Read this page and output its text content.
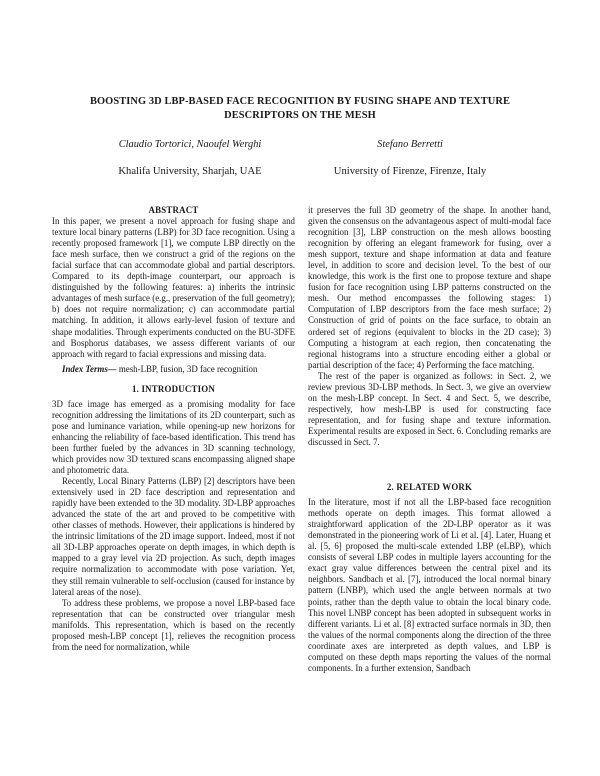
BOOSTING 3D LBP-BASED FACE RECOGNITION BY FUSING SHAPE AND TEXTURE DESCRIPTORS ON THE MESH
Claudio Tortorici, Naoufel Werghi
Khalifa University, Sharjah, UAE
Stefano Berretti
University of Firenze, Firenze, Italy
ABSTRACT

In this paper, we present a novel approach for fusing shape and texture local binary patterns (LBP) for 3D face recognition. Using a recently proposed framework [1], we compute LBP directly on the face mesh surface, then we construct a grid of the regions on the facial surface that can accommodate global and partial descriptors. Compared to its depth-image counterpart, our approach is distinguished by the following features: a) inherits the intrinsic advantages of mesh surface (e.g., preservation of the full geometry); b) does not require normalization; c) can accommodate partial matching. In addition, it allows early-level fusion of texture and shape modalities. Through experiments conducted on the BU-3DFE and Bosphorus databases, we assess different variants of our approach with regard to facial expressions and missing data.

Index Terms— mesh-LBP, fusion, 3D face recognition

1. INTRODUCTION

3D face image has emerged as a promising modality for face recognition addressing the limitations of its 2D counterpart, such as pose and luminance variation, while opening-up new horizons for enhancing the reliability of face-based identification. This trend has been further fueled by the advances in 3D scanning technology, which provides now 3D textured scans encompassing aligned shape and photometric data.

Recently, Local Binary Patterns (LBP) [2] descriptors have been extensively used in 2D face description and representation and rapidly have been extended to the 3D modality. 3D-LBP approaches advanced the state of the art and proved to be competitive with other classes of methods. However, their applications is hindered by the intrinsic limitations of the 2D image support. Indeed, most if not all 3D-LBP approaches operate on depth images, in which depth is mapped to a gray level via 2D projection. As such, depth images require normalization to accommodate with pose variation. Yet, they still remain vulnerable to self-occlusion (caused for instance by lateral areas of the nose).

To address these problems, we propose a novel LBP-based face representation that can be constructed over triangular mesh manifolds. This representation, which is based on the recently proposed mesh-LBP concept [1], relieves the recognition process from the need for normalization, while

it preserves the full 3D geometry of the shape. In another hand, given the consensus on the advantageous aspect of multi-modal face recognition [3], LBP construction on the mesh allows boosting recognition by offering an elegant framework for fusing, over a mesh support, texture and shape information at data and feature level, in addition to score and decision level. To the best of our knowledge, this work is the first one to propose texture and shape fusion for face recognition using LBP patterns constructed on the mesh. Our method encompasses the following stages: 1) Computation of LBP descriptors from the face mesh surface; 2) Construction of grid of points on the face surface, to obtain an ordered set of regions (equivalent to blocks in the 2D case); 3) Computing a histogram at each region, then concatenating the regional histograms into a structure encoding either a global or partial description of the face; 4) Performing the face matching.

The rest of the paper is organized as follows: in Sect. 2, we review previous 3D-LBP methods. In Sect. 3, we give an overview on the mesh-LBP concept. In Sect. 4 and Sect. 5, we describe, respectively, how mesh-LBP is used for constructing face representation, and for fusing shape and texture information. Experimental results are exposed in Sect. 6. Concluding remarks are discussed in Sect. 7.

2. RELATED WORK

In the literature, most if not all the LBP-based face recognition methods operate on depth images. This format allowed a straightforward application of the 2D-LBP operator as it was demonstrated in the pioneering work of Li et al. [4]. Later, Huang et al. [5, 6] proposed the multi-scale extended LBP (eLBP), which consists of several LBP codes in multiple layers accounting for the exact gray value differences between the central pixel and its neighbors. Sandbach et al. [7], introduced the local normal binary pattern (LNBP), which used the angle between normals at two points, rather than the depth value to obtain the local binary code. This novel LNBP concept has been adopted in subsequent works in different variants. Li et al. [8] extracted surface normals in 3D, then the values of the normal components along the direction of the three coordinate axes are interpreted as depth values, and LBP is computed on these depth maps reporting the values of the normal components. In a further extension, Sandbach
